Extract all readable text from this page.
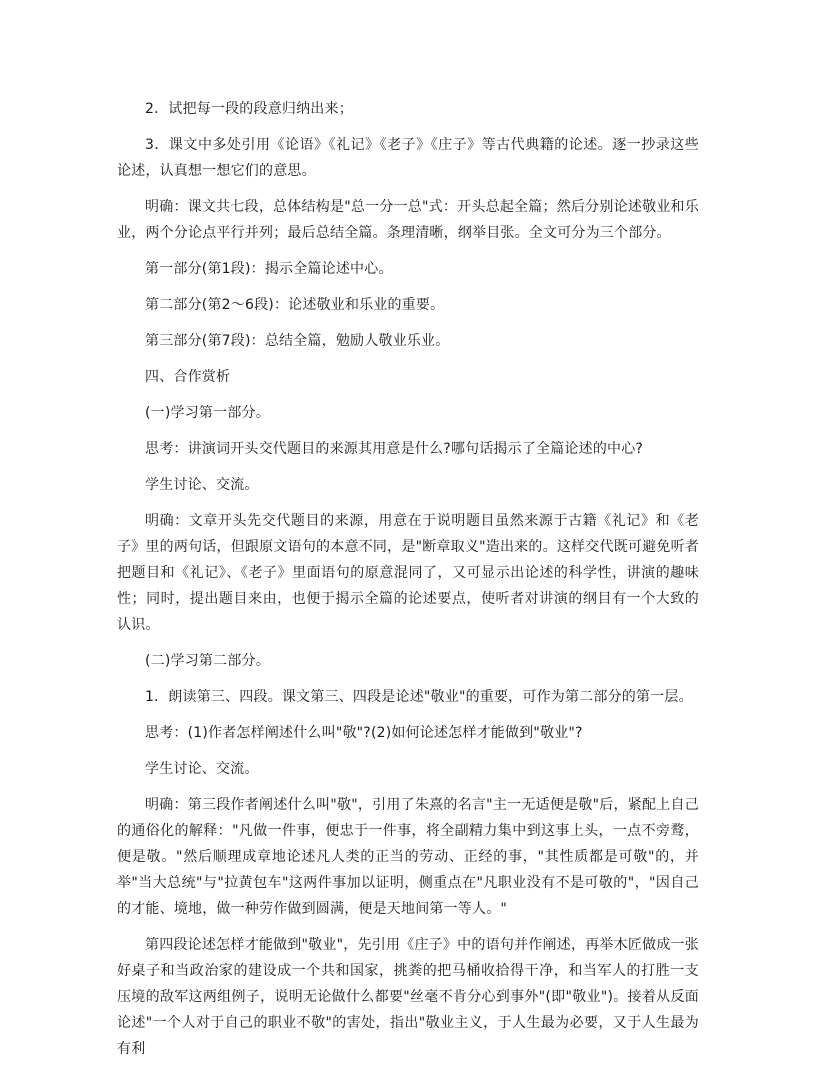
2．试把每一段的段意归纳出来；

3．课文中多处引用《论语》《礼记》《老子》《庄子》等古代典籍的论述。逐一抄录这些论述，认真想一想它们的意思。

明确：课文共七段，总体结构是"总一分一总"式：开头总起全篇；然后分别论述敬业和乐业，两个分论点平行并列；最后总结全篇。条理清晰，纲举目张。全文可分为三个部分。

第一部分(第1段)：揭示全篇论述中心。

第二部分(第2～6段)：论述敬业和乐业的重要。

第三部分(第7段)：总结全篇，勉励人敬业乐业。

四、合作赏析

(一)学习第一部分。

思考：讲演词开头交代题目的来源其用意是什么?哪句话揭示了全篇论述的中心?

学生讨论、交流。

明确：文章开头先交代题目的来源，用意在于说明题目虽然来源于古籍《礼记》和《老子》里的两句话，但跟原文语句的本意不同，是"断章取义"造出来的。这样交代既可避免听者把题目和《礼记》、《老子》里面语句的原意混同了，又可显示出论述的科学性，讲演的趣味性；同时，提出题目来由，也便于揭示全篇的论述要点，使听者对讲演的纲目有一个大致的认识。

(二)学习第二部分。

1．朗读第三、四段。课文第三、四段是论述"敬业"的重要，可作为第二部分的第一层。

思考：(1)作者怎样阐述什么叫"敬"?(2)如何论述怎样才能做到"敬业"?

学生讨论、交流。

明确：第三段作者阐述什么叫"敬"，引用了朱熹的名言"主一无适便是敬"后，紧配上自己的通俗化的解释："凡做一件事，便忠于一件事，将全副精力集中到这事上头，一点不旁鹜，便是敬。"然后顺理成章地论述凡人类的正当的劳动、正经的事，"其性质都是可敬"的，并举"当大总统"与"拉黄包车"这两件事加以证明，侧重点在"凡职业没有不是可敬的"，"因自己的才能、境地，做一种劳作做到圆满，便是天地间第一等人。"

第四段论述怎样才能做到"敬业"，先引用《庄子》中的语句并作阐述，再举木匠做成一张好桌子和当政治家的建设成一个共和国家，挑粪的把马桶收拾得干净，和当军人的打胜一支压境的敌军这两组例子，说明无论做什么都要"丝毫不肯分心到事外"(即"敬业")。接着从反面论述"一个人对于自己的职业不敬"的害处，指出"敬业主义，于人生最为必要，又于人生最为有利
